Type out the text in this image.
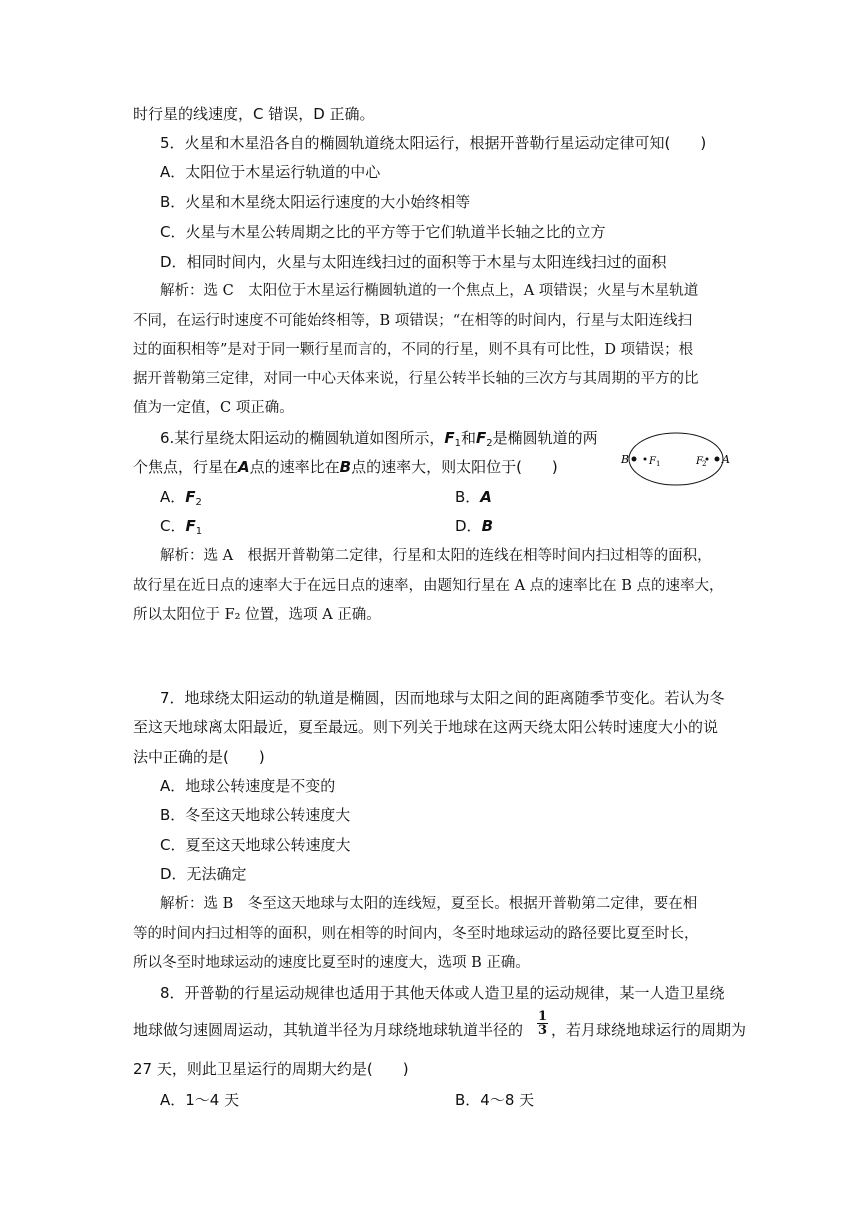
时行星的线速度，C 错误，D 正确。
5．火星和木星沿各自的椭圆轨道绕太阳运行，根据开普勒行星运动定律可知(　　)
A．太阳位于木星运行轨道的中心
B．火星和木星绕太阳运行速度的大小始终相等
C．火星与木星公转周期之比的平方等于它们轨道半长轴之比的立方
D．相同时间内，火星与太阳连线扫过的面积等于木星与太阳连线扫过的面积
解析：选 C　太阳位于木星运行椭圆轨道的一个焦点上，A 项错误；火星与木星轨道
不同，在运行时速度不可能始终相等，B 项错误；“在相等的时间内，行星与太阳连线扫
过的面积相等”是对于同一颗行星而言的，不同的行星，则不具有可比性，D 项错误；根
据开普勒第三定律，对同一中心天体来说，行星公转半长轴的三次方与其周期的平方的比
值为一定值，C 项正确。
6.某行星绕太阳运动的椭圆轨道如图所示，$F_1$和$F_2$是椭圆轨道的两
个焦点，行星在A点的速率比在B点的速率大，则太阳位于(　　)	B F 1	F 2 A
A．$F_2$	B．A
C．$F_1$	D．B
解析：选 A　根据开普勒第二定律，行星和太阳的连线在相等时间内扫过相等的面积，
故行星在近日点的速率大于在远日点的速率，由题知行星在 A 点的速率比在 B 点的速率大，
所以太阳位于 F₂ 位置，选项 A 正确。
7．地球绕太阳运动的轨道是椭圆，因而地球与太阳之间的距离随季节变化。若认为冬
至这天地球离太阳最近，夏至最远。则下列关于地球在这两天绕太阳公转时速度大小的说
法中正确的是(　　)
A．地球公转速度是不变的
B．冬至这天地球公转速度大
C．夏至这天地球公转速度大
D．无法确定
解析：选 B　冬至这天地球与太阳的连线短，夏至长。根据开普勒第二定律，要在相
等的时间内扫过相等的面积，则在相等的时间内，冬至时地球运动的路径要比夏至时长，
所以冬至时地球运动的速度比夏至时的速度大，选项 B 正确。
8．开普勒的行星运动规律也适用于其他天体或人造卫星的运动规律，某一人造卫星绕
地球做匀速圆周运动，其轨道半径为月球绕地球轨道半径的 $\frac{1}{3}$ ，若月球绕地球运行的周期为
27 天，则此卫星运行的周期大约是(　　)
A．1～4 天	B．4～8 天
